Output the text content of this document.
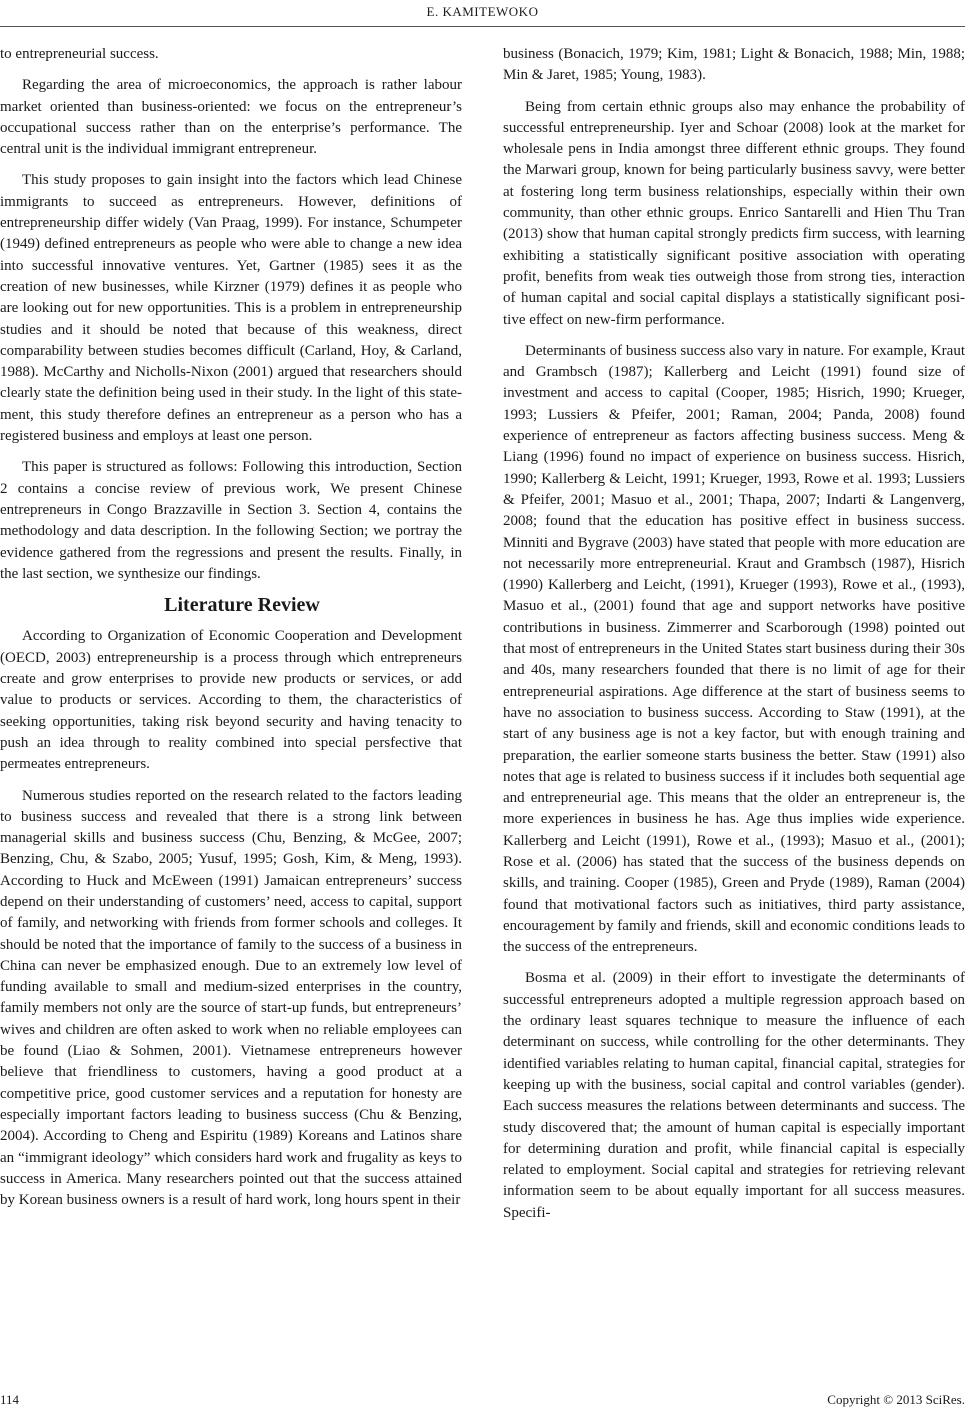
E. KAMITEWOKO

to entrepreneurial success.

Regarding the area of microeconomics, the approach is rather labour market oriented than business-oriented: we focus on the entrepreneur’s occupational success rather than on the enterprise’s performance. The central unit is the individual immigrant entrepreneur.

This study proposes to gain insight into the factors which lead Chinese immigrants to succeed as entrepreneurs. However, definitions of entrepreneurship differ widely (Van Praag, 1999). For instance, Schumpeter (1949) defined entrepreneurs as people who were able to change a new idea into successful innovative ventures. Yet, Gartner (1985) sees it as the creation of new businesses, while Kirzner (1979) defines it as people who are looking out for new opportunities. This is a problem in entrepreneurship studies and it should be noted that because of this weakness, direct comparability between studies becomes difficult (Carland, Hoy, & Carland, 1988). McCarthy and Nicholls-Nixon (2001) argued that researchers should clearly state the definition being used in their study. In the light of this statement, this study therefore defines an entrepreneur as a person who has a registered business and employs at least one person.

This paper is structured as follows: Following this introduction, Section 2 contains a concise review of previous work, We present Chinese entrepreneurs in Congo Brazzaville in Section 3. Section 4, contains the methodology and data description. In the following Section; we portray the evidence gathered from the regressions and present the results. Finally, in the last section, we synthesize our findings.

Literature Review

According to Organization of Economic Cooperation and Development (OECD, 2003) entrepreneurship is a process through which entrepreneurs create and grow enterprises to provide new products or services, or add value to products or services. According to them, the characteristics of seeking opportunities, taking risk beyond security and having tenacity to push an idea through to reality combined into special persfective that permeates entrepreneurs.

Numerous studies reported on the research related to the factors leading to business success and revealed that there is a strong link between managerial skills and business success (Chu, Benzing, & McGee, 2007; Benzing, Chu, & Szabo, 2005; Yusuf, 1995; Gosh, Kim, & Meng, 1993). According to Huck and McEween (1991) Jamaican entrepreneurs’ success depend on their understanding of customers’ need, access to capital, support of family, and networking with friends from former schools and colleges. It should be noted that the importance of family to the success of a business in China can never be emphasized enough. Due to an extremely low level of funding available to small and medium-sized enterprises in the country, family members not only are the source of start-up funds, but entrepreneurs’ wives and children are often asked to work when no reliable employees can be found (Liao & Sohmen, 2001). Vietnamese entrepreneurs however believe that friendliness to customers, having a good product at a competitive price, good customer services and a reputation for honesty are especially important factors leading to business success (Chu & Benzing, 2004). According to Cheng and Espiritu (1989) Koreans and Latinos share an “immigrant ideology” which considers hard work and frugality as keys to success in America. Many researchers pointed out that the success attained by Korean business owners is a result of hard work, long hours spent in their

business (Bonacich, 1979; Kim, 1981; Light & Bonacich, 1988; Min, 1988; Min & Jaret, 1985; Young, 1983).

Being from certain ethnic groups also may enhance the probability of successful entrepreneurship. Iyer and Schoar (2008) look at the market for wholesale pens in India amongst three different ethnic groups. They found the Marwari group, known for being particularly business savvy, were better at fostering long term business relationships, especially within their own community, than other ethnic groups. Enrico Santarelli and Hien Thu Tran (2013) show that human capital strongly predicts firm success, with learning exhibiting a statistically significant positive association with operating profit, benefits from weak ties outweigh those from strong ties, interaction of human capital and social capital displays a statistically significant positive effect on new-firm performance.

Determinants of business success also vary in nature. For example, Kraut and Grambsch (1987); Kallerberg and Leicht (1991) found size of investment and access to capital (Cooper, 1985; Hisrich, 1990; Krueger, 1993; Lussiers & Pfeifer, 2001; Raman, 2004; Panda, 2008) found experience of entrepreneur as factors affecting business success. Meng & Liang (1996) found no impact of experience on business success. Hisrich, 1990; Kallerberg & Leicht, 1991; Krueger, 1993, Rowe et al. 1993; Lussiers & Pfeifer, 2001; Masuo et al., 2001; Thapa, 2007; Indarti & Langenverg, 2008; found that the education has positive effect in business success. Minniti and Bygrave (2003) have stated that people with more education are not necessarily more entrepreneurial. Kraut and Grambsch (1987), Hisrich (1990) Kallerberg and Leicht, (1991), Krueger (1993), Rowe et al., (1993), Masuo et al., (2001) found that age and support networks have positive contributions in business. Zimmerrer and Scarborough (1998) pointed out that most of entrepreneurs in the United States start business during their 30s and 40s, many researchers founded that there is no limit of age for their entrepreneurial aspirations. Age difference at the start of business seems to have no association to business success. According to Staw (1991), at the start of any business age is not a key factor, but with enough training and preparation, the earlier someone starts business the better. Staw (1991) also notes that age is related to business success if it includes both sequential age and entrepreneurial age. This means that the older an entrepreneur is, the more experiences in business he has. Age thus implies wide experience. Kallerberg and Leicht (1991), Rowe et al., (1993); Masuo et al., (2001); Rose et al. (2006) has stated that the success of the business depends on skills, and training. Cooper (1985), Green and Pryde (1989), Raman (2004) found that motivational factors such as initiatives, third party assistance, encouragement by family and friends, skill and economic conditions leads to the success of the entrepreneurs.

Bosma et al. (2009) in their effort to investigate the determinants of successful entrepreneurs adopted a multiple regression approach based on the ordinary least squares technique to measure the influence of each determinant on success, while controlling for the other determinants. They identified variables relating to human capital, financial capital, strategies for keeping up with the business, social capital and control variables (gender). Each success measures the relations between determinants and success. The study discovered that; the amount of human capital is especially important for determining duration and profit, while financial capital is especially related to employment. Social capital and strategies for retrieving relevant information seem to be about equally important for all success measures. Specifi-

114	Copyright © 2013 SciRes.
